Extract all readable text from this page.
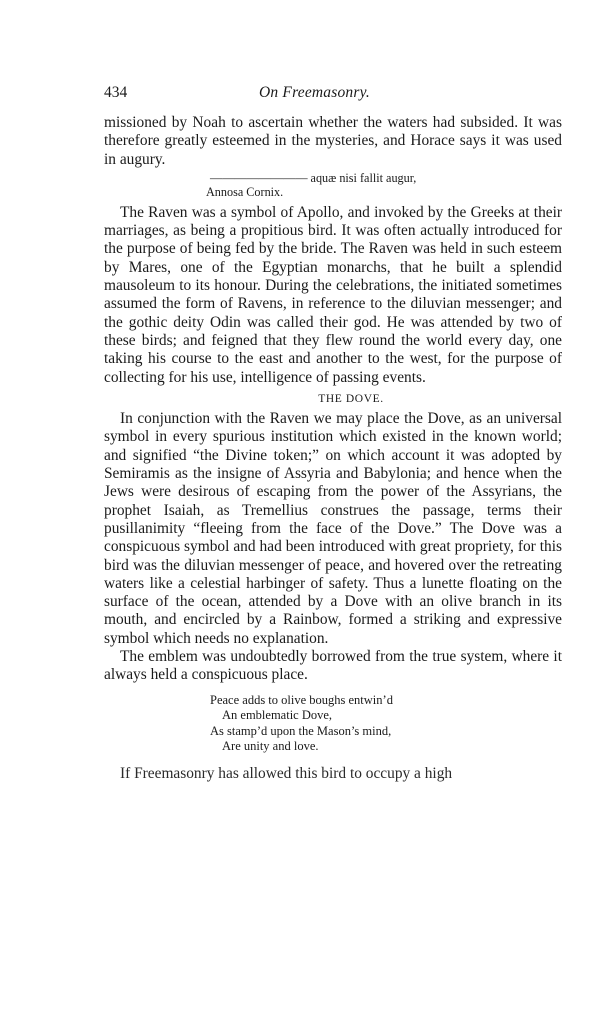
434	On Freemasonry.

missioned by Noah to ascertain whether the waters had subsided. It was therefore greatly esteemed in the mysteries, and Horace says it was used in augury.

———————— aquæ nisi fallit augur,
Annosa Cornix.

The Raven was a symbol of Apollo, and invoked by the Greeks at their marriages, as being a propitious bird. It was often actually introduced for the purpose of being fed by the bride. The Raven was held in such esteem by Mares, one of the Egyptian monarchs, that he built a splendid mausoleum to its honour. During the celebrations, the initiated sometimes assumed the form of Ravens, in reference to the diluvian messenger; and the gothic deity Odin was called their god. He was attended by two of these birds; and feigned that they flew round the world every day, one taking his course to the east and another to the west, for the purpose of collecting for his use, intelligence of passing events.

THE DOVE.

In conjunction with the Raven we may place the Dove, as an universal symbol in every spurious institution which existed in the known world; and signified “the Divine token;” on which account it was adopted by Semiramis as the insigne of Assyria and Babylonia; and hence when the Jews were desirous of escaping from the power of the Assyrians, the prophet Isaiah, as Tremellius construes the passage, terms their pusillanimity “fleeing from the face of the Dove.” The Dove was a conspicuous symbol and had been introduced with great propriety, for this bird was the diluvian messenger of peace, and hovered over the retreating waters like a celestial harbinger of safety. Thus a lunette floating on the surface of the ocean, attended by a Dove with an olive branch in its mouth, and encircled by a Rainbow, formed a striking and expressive symbol which needs no explanation.

The emblem was undoubtedly borrowed from the true system, where it always held a conspicuous place.

Peace adds to olive boughs entwin’d
An emblematic Dove,
As stamp’d upon the Mason’s mind,
Are unity and love.

If Freemasonry has allowed this bird to occupy a high
